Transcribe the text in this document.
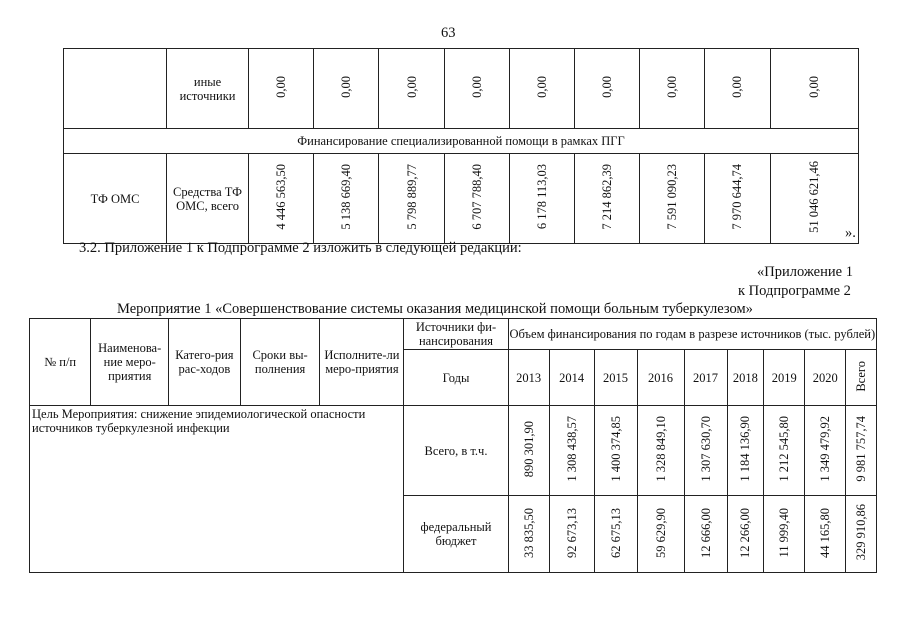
63
	иные источники	0,00	0,00	0,00	0,00	0,00	0,00	0,00	0,00	0,00
Финансирование специализированной помощи в рамках ПГГ										
ТФ ОМС	Средства ТФ ОМС, всего	4 446 563,50	5 138 669,40	5 798 889,77	6 707 788,40	6 178 113,03	7 214 862,39	7 591 090,23	7 970 644,74	51 046 621,46
».
3.2. Приложение 1 к Подпрограмме 2 изложить в следующей редакции:
«Приложение 1
к Подпрограмме 2
Мероприятие 1 «Совершенствование системы оказания медицинской помощи больным туберкулезом»
№ п/п	Наименова-ние меро-приятия	Катего-рия рас-ходов	Сроки вы-полнения	Исполните-ли меро-приятия	Источники фи-нансирования	Объем финансирования по годам в разрезе источников (тыс. рублей)								
					Годы	2013	2014	2015	2016	2017	2018	2019	2020	Всего
Цель Мероприятия: снижение эпидемиологической опасности источников туберкулезной инфекции					Всего, в т.ч.	890 301,90	1 308 438,57	1 400 374,85	1 328 849,10	1 307 630,70	1 184 136,90	1 212 545,80	1 349 479,92	9 981 757,74
					федеральный бюджет	33 835,50	92 673,13	62 675,13	59 629,90	12 666,00	12 266,00	11 999,40	44 165,80	329 910,86
